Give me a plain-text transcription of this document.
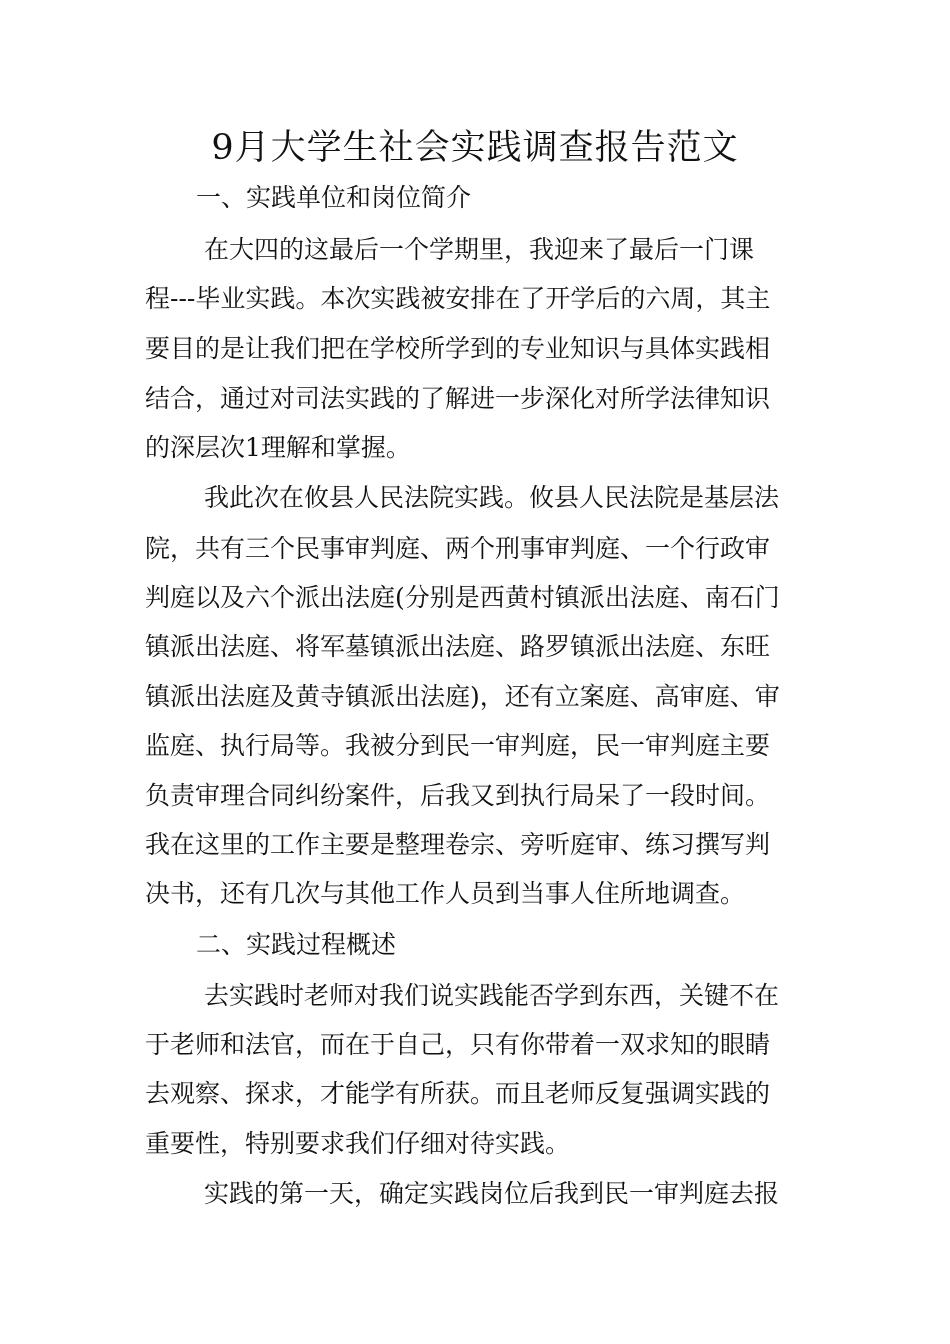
9月大学生社会实践调查报告范文
一、实践单位和岗位简介
在大四的这最后一个学期里，我迎来了最后一门课
程---毕业实践。本次实践被安排在了开学后的六周，其主
要目的是让我们把在学校所学到的专业知识与具体实践相
结合，通过对司法实践的了解进一步深化对所学法律知识
的深层次1理解和掌握。
我此次在攸县人民法院实践。攸县人民法院是基层法
院，共有三个民事审判庭、两个刑事审判庭、一个行政审
判庭以及六个派出法庭(分别是西黄村镇派出法庭、南石门
镇派出法庭、将军墓镇派出法庭、路罗镇派出法庭、东旺
镇派出法庭及黄寺镇派出法庭)，还有立案庭、高审庭、审
监庭、执行局等。我被分到民一审判庭，民一审判庭主要
负责审理合同纠纷案件，后我又到执行局呆了一段时间。
我在这里的工作主要是整理卷宗、旁听庭审、练习撰写判
决书，还有几次与其他工作人员到当事人住所地调查。
二、实践过程概述
去实践时老师对我们说实践能否学到东西，关键不在
于老师和法官，而在于自己，只有你带着一双求知的眼睛
去观察、探求，才能学有所获。而且老师反复强调实践的
重要性，特别要求我们仔细对待实践。
实践的第一天，确定实践岗位后我到民一审判庭去报
